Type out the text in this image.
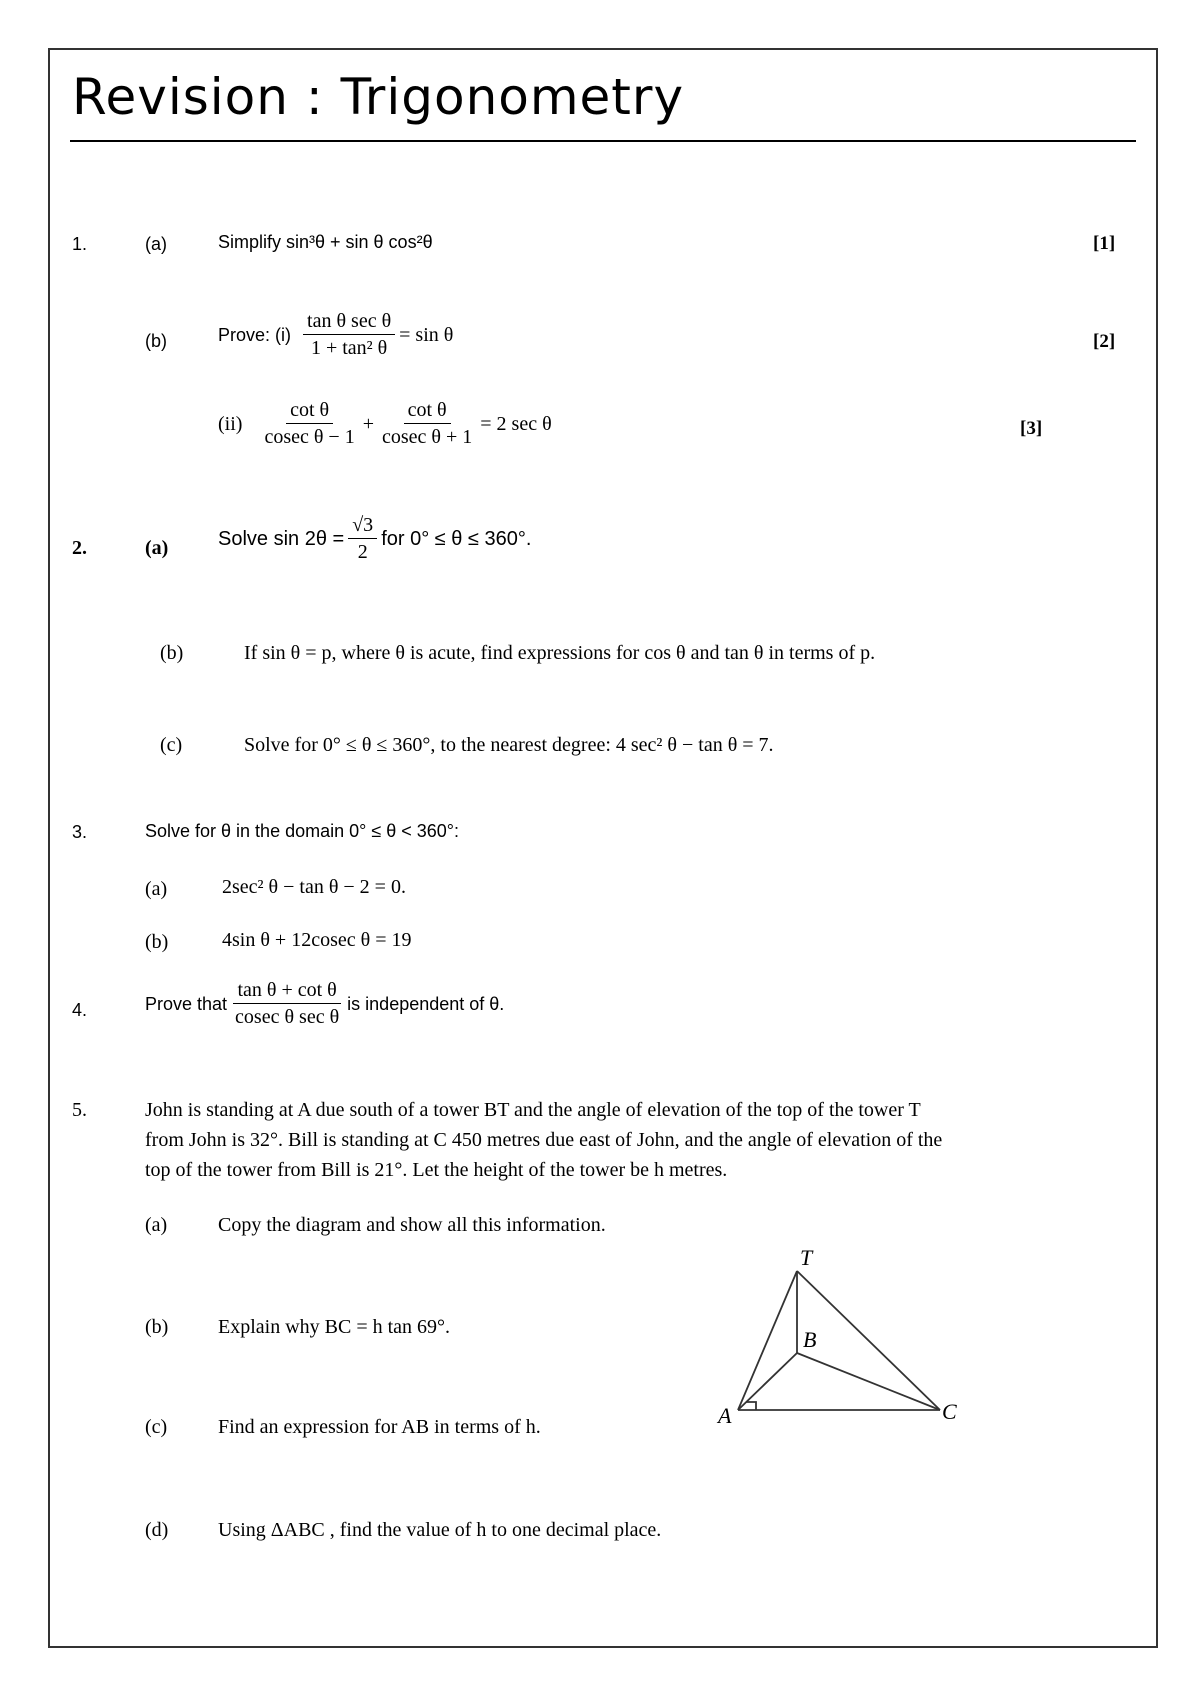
Revision : Trigonometry
1.	(a)	Simplify sin³θ + sin θ cos²θ	[1]
(b)	Prove: $(i) \frac{\text{tan θ sec θ}}{\text{1 + tan² θ}} = \sin \theta$	[2]
$(ii) \frac{\text{cot θ}}{\text{cosec θ − 1}} + \frac{\text{cot θ}}{\text{cosec θ + 1}} = 2$ sec θ	[3]
2.	(a) Solve $\sin 2\theta = \frac{√3}{2}$ for 0° ≤ θ ≤ 360°.
(b)	If sin θ = p, where θ is acute, find expressions for cos θ and tan θ in terms of p.
(c)	Solve for 0° ≤ θ ≤ 360°, to the nearest degree: 4 sec² θ − tan θ = 7.
3.	Solve for θ in the domain 0° ≤ θ < 360°:
(a)	2sec² θ − tan θ − 2 = 0.
(b)	4sin θ + 12cosec θ = 19
4.	Prove that $\frac{\text{tan θ + cot θ}}{\text{cosec θ sec θ}}$ is independent of θ.
5.	John is standing at A due south of a tower BT and the angle of elevation of the top of the tower T
from John is 32°. Bill is standing at C 450 metres due east of John, and the angle of elevation of the
top of the tower from Bill is 21°. Let the height of the tower be h metres.
(a)	Copy the diagram and show all this information.
(b) Explain why BC = h tan 69°.
(c)	Find an expression for AB in terms of h.
(d) Using ΔABC , find the value of h to one decimal place.
T
B
A	C
